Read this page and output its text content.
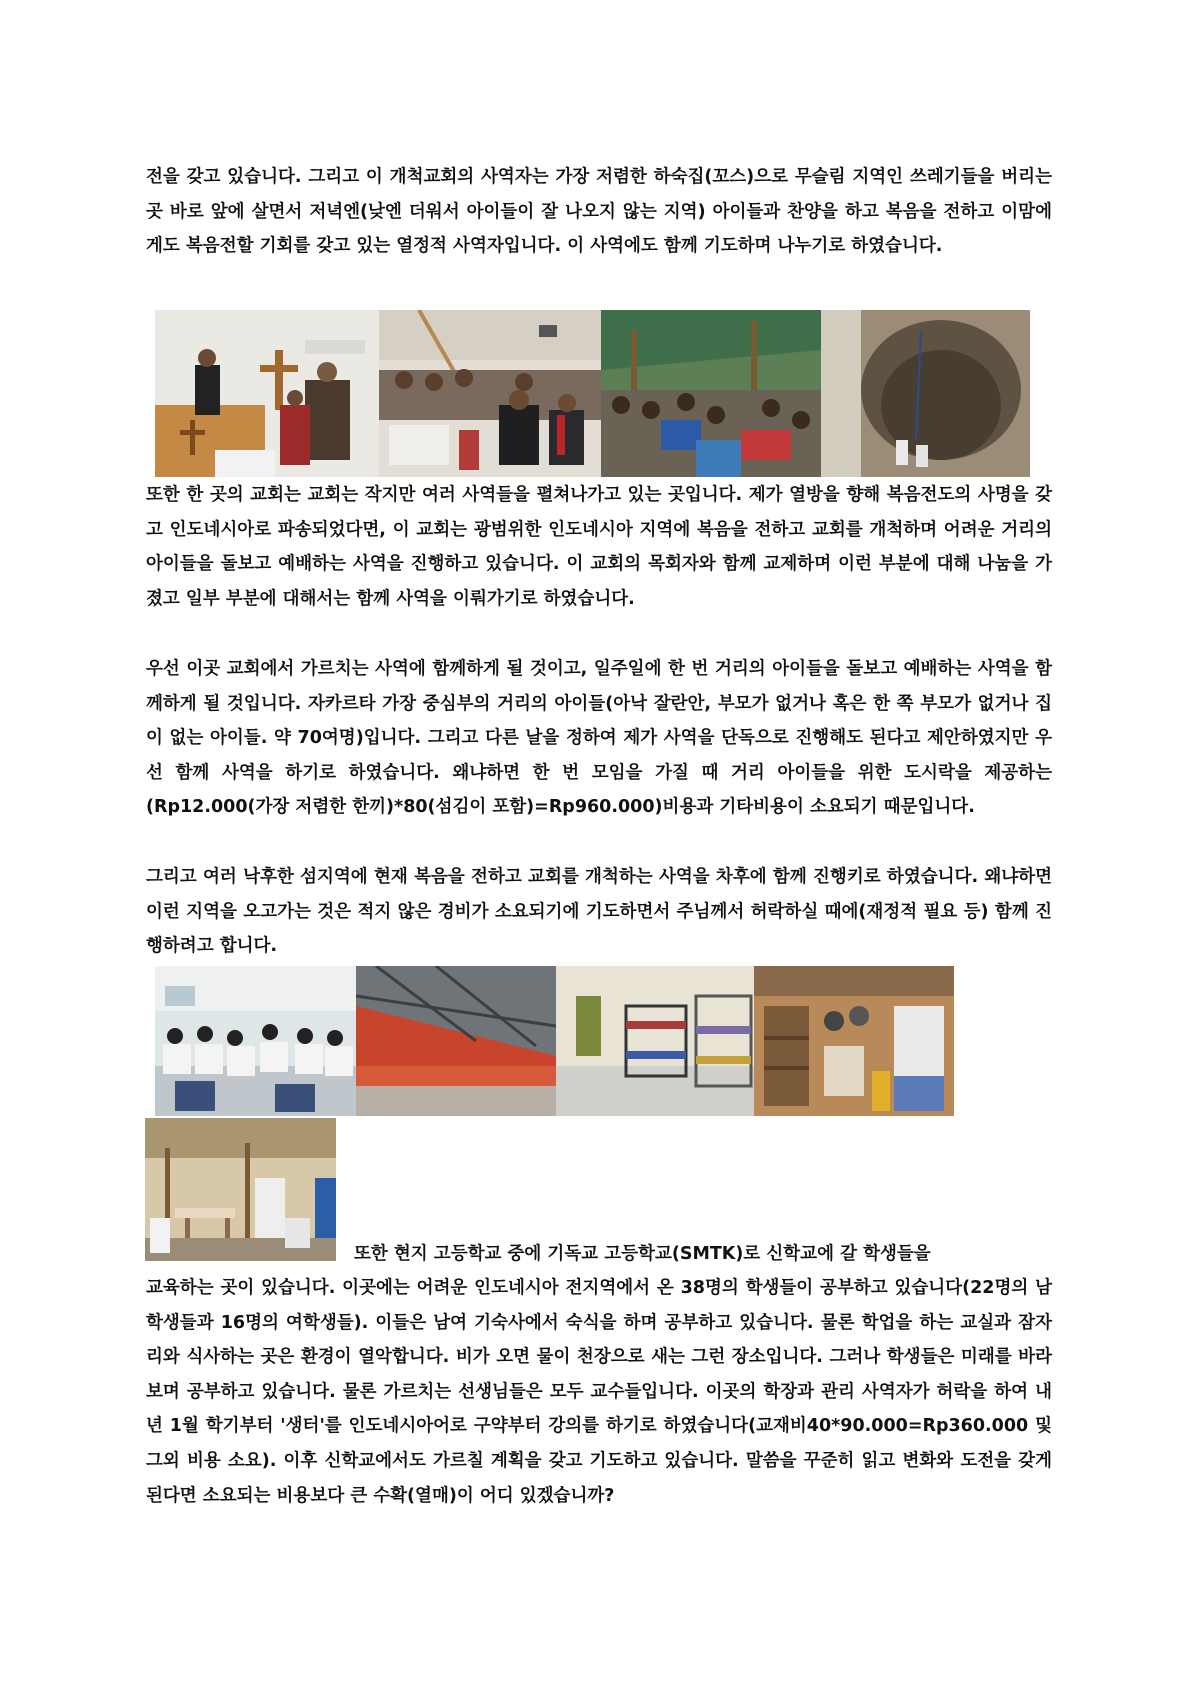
전을 갖고 있습니다. 그리고 이 개척교회의 사역자는 가장 저렴한 하숙집(꼬스)으로 무슬림 지역인 쓰레기들을 버리는 곳 바로 앞에 살면서 저녁엔(낮엔 더워서 아이들이 잘 나오지 않는 지역) 아이들과 찬양을 하고 복음을 전하고 이맘에게도 복음전할 기회를 갖고 있는 열정적 사역자입니다. 이 사역에도 함께 기도하며 나누기로 하였습니다.

또한 한 곳의 교회는 교회는 작지만 여러 사역들을 펼쳐나가고 있는 곳입니다. 제가 열방을 향해 복음전도의 사명을 갖고 인도네시아로 파송되었다면, 이 교회는 광범위한 인도네시아 지역에 복음을 전하고 교회를 개척하며 어려운 거리의 아이들을 돌보고 예배하는 사역을 진행하고 있습니다. 이 교회의 목회자와 함께 교제하며 이런 부분에 대해 나눔을 가졌고 일부 부분에 대해서는 함께 사역을 이뤄가기로 하였습니다.

우선 이곳 교회에서 가르치는 사역에 함께하게 될 것이고, 일주일에 한 번 거리의 아이들을 돌보고 예배하는 사역을 함께하게 될 것입니다. 자카르타 가장 중심부의 거리의 아이들(아낙 잘란안, 부모가 없거나 혹은 한 쪽 부모가 없거나 집이 없는 아이들. 약 70여명)입니다. 그리고 다른 날을 정하여 제가 사역을 단독으로 진행해도 된다고 제안하였지만 우선 함께 사역을 하기로 하였습니다. 왜냐하면 한 번 모임을 가질 때 거리 아이들을 위한 도시락을 제공하는(Rp12.000(가장 저렴한 한끼)*80(섬김이 포함)=Rp960.000)비용과 기타비용이 소요되기 때문입니다.

그리고 여러 낙후한 섬지역에 현재 복음을 전하고 교회를 개척하는 사역을 차후에 함께 진행키로 하였습니다. 왜냐하면 이런 지역을 오고가는 것은 적지 않은 경비가 소요되기에 기도하면서 주님께서 허락하실 때에(재정적 필요 등) 함께 진행하려고 합니다.

또한 현지 고등학교 중에 기독교 고등학교(SMTK)로 신학교에 갈 학생들을

교육하는 곳이 있습니다. 이곳에는 어려운 인도네시아 전지역에서 온 38명의 학생들이 공부하고 있습니다(22명의 남학생들과 16명의 여학생들). 이들은 남여 기숙사에서 숙식을 하며 공부하고 있습니다. 물론 학업을 하는 교실과 잠자리와 식사하는 곳은 환경이 열악합니다. 비가 오면 물이 천장으로 새는 그런 장소입니다. 그러나 학생들은 미래를 바라보며 공부하고 있습니다. 물론 가르치는 선생님들은 모두 교수들입니다. 이곳의 학장과 관리 사역자가 허락을 하여 내년 1월 학기부터 '생터'를 인도네시아어로 구약부터 강의를 하기로 하였습니다(교재비40*90.000=Rp360.000 및 그외 비용 소요). 이후 신학교에서도 가르칠 계획을 갖고 기도하고 있습니다. 말씀을 꾸준히 읽고 변화와 도전을 갖게 된다면 소요되는 비용보다 큰 수확(열매)이 어디 있겠습니까?
